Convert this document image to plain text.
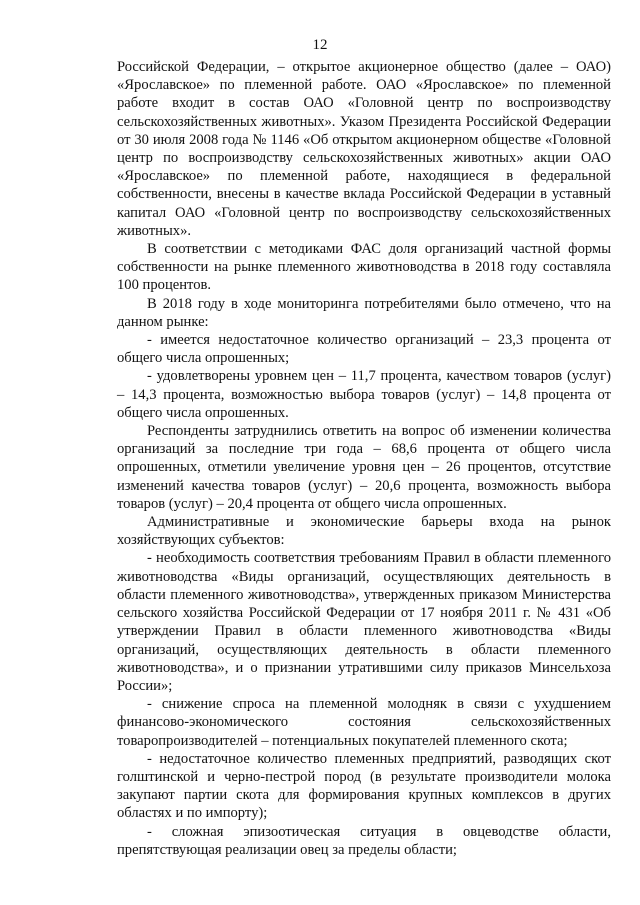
12

Российской Федерации, – открытое акционерное общество (далее – ОАО) «Ярославское» по племенной работе. ОАО «Ярославское» по племенной работе входит в состав ОАО «Головной центр по воспроизводству сельскохозяйственных животных». Указом Президента Российской Федерации от 30 июля 2008 года № 1146 «Об открытом акционерном обществе «Головной центр по воспроизводству сельскохозяйственных животных» акции ОАО «Ярославское» по племенной работе, находящиеся в федеральной собственности, внесены в качестве вклада Российской Федерации в уставный капитал ОАО «Головной центр по воспроизводству сельскохозяйственных животных».

В соответствии с методиками ФАС доля организаций частной формы собственности на рынке племенного животноводства в 2018 году составляла 100 процентов.

В 2018 году в ходе мониторинга потребителями было отмечено, что на данном рынке:

- имеется недостаточное количество организаций – 23,3 процента от общего числа опрошенных;

- удовлетворены уровнем цен – 11,7 процента, качеством товаров (услуг) – 14,3 процента, возможностью выбора товаров (услуг) – 14,8 процента от общего числа опрошенных.

Респонденты затруднились ответить на вопрос об изменении количества организаций за последние три года – 68,6 процента от общего числа опрошенных, отметили увеличение уровня цен – 26 процентов, отсутствие изменений качества товаров (услуг) – 20,6 процента, возможность выбора товаров (услуг) – 20,4 процента от общего числа опрошенных.

Административные и экономические барьеры входа на рынок хозяйствующих субъектов:

- необходимость соответствия требованиям Правил в области племенного животноводства «Виды организаций, осуществляющих деятельность в области племенного животноводства», утвержденных приказом Министерства сельского хозяйства Российской Федерации от 17 ноября 2011 г. № 431 «Об утверждении Правил в области племенного животноводства «Виды организаций, осуществляющих деятельность в области племенного животноводства», и о признании утратившими силу приказов Минсельхоза России»;

- снижение спроса на племенной молодняк в связи с ухудшением финансово-экономического состояния сельскохозяйственных товаропроизводителей – потенциальных покупателей племенного скота;

- недостаточное количество племенных предприятий, разводящих скот голштинской и черно-пестрой пород (в результате производители молока закупают партии скота для формирования крупных комплексов в других областях и по импорту);

- сложная эпизоотическая ситуация в овцеводстве области, препятствующая реализации овец за пределы области;
